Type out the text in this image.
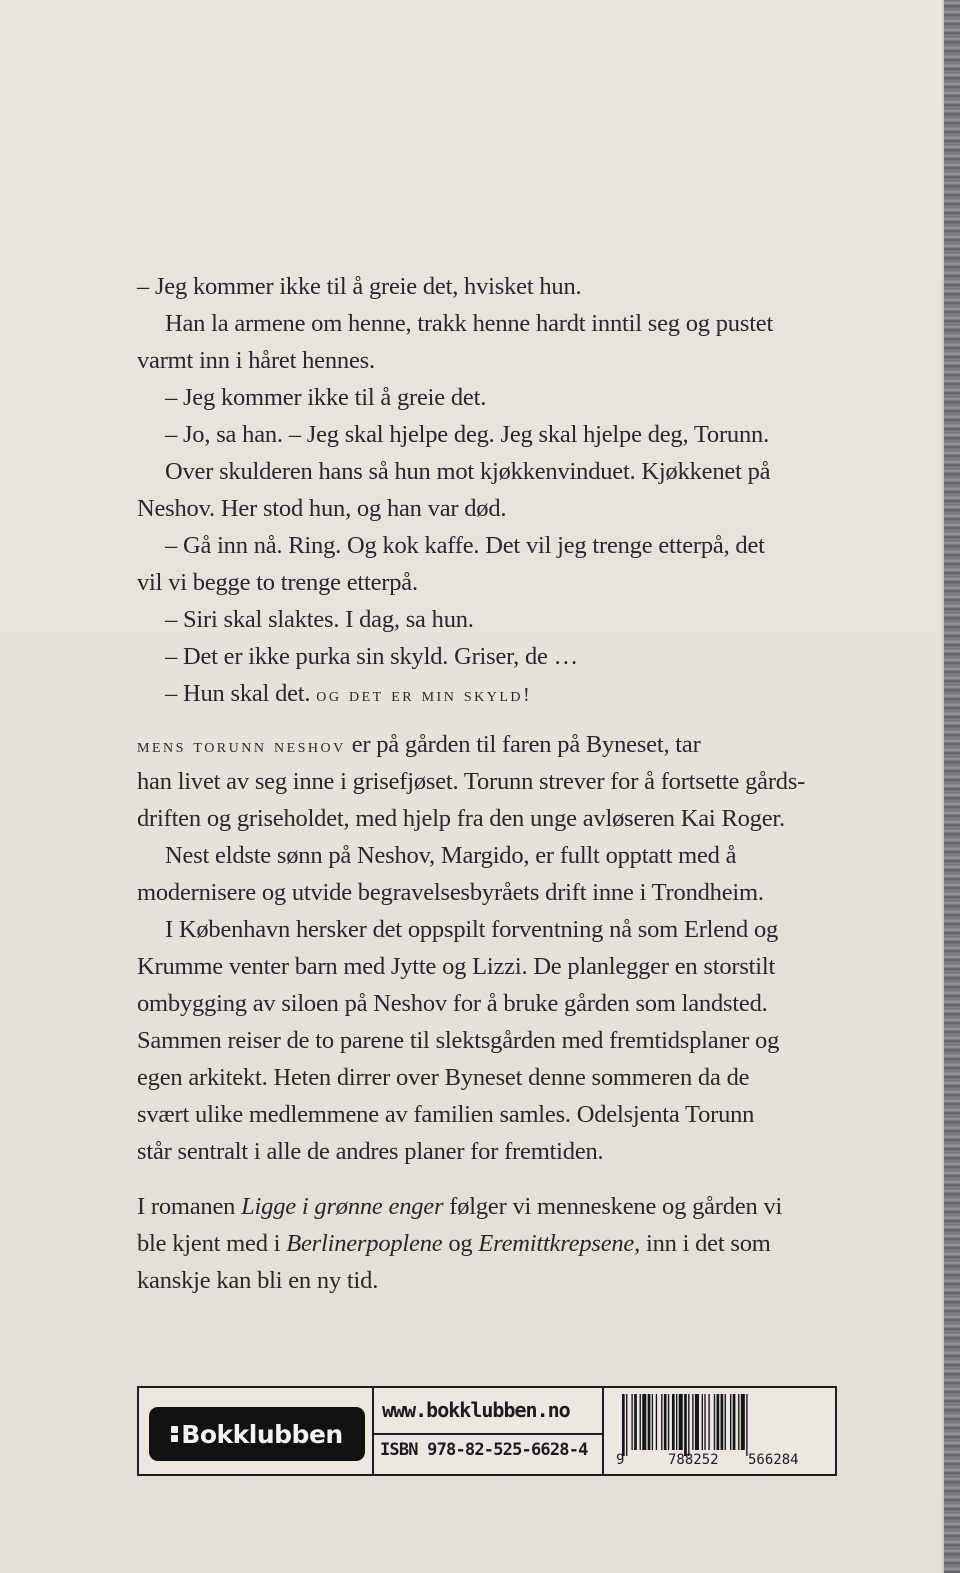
– Jeg kommer ikke til å greie det, hvisket hun.
Han la armene om henne, trakk henne hardt inntil seg og pustet
varmt inn i håret hennes.
– Jeg kommer ikke til å greie det.
– Jo, sa han. – Jeg skal hjelpe deg. Jeg skal hjelpe deg, Torunn.
Over skulderen hans så hun mot kjøkkenvinduet. Kjøkkenet på
Neshov. Her stod hun, og han var død.
– Gå inn nå. Ring. Og kok kaffe. Det vil jeg trenge etterpå, det
vil vi begge to trenge etterpå.
– Siri skal slaktes. I dag, sa hun.
– Det er ikke purka sin skyld. Griser, de …
– Hun skal det. og det er min skyld!
mens torunn neshov er på gården til faren på Byneset, tar
han livet av seg inne i grisefjøset. Torunn strever for å fortsette gårds-
driften og griseholdet, med hjelp fra den unge avløseren Kai Roger.
Nest eldste sønn på Neshov, Margido, er fullt opptatt med å
modernisere og utvide begravelsesbyråets drift inne i Trondheim.
I København hersker det oppspilt forventning nå som Erlend og
Krumme venter barn med Jytte og Lizzi. De planlegger en storstilt
ombygging av siloen på Neshov for å bruke gården som landsted.
Sammen reiser de to parene til slektsgården med fremtidsplaner og
egen arkitekt. Heten dirrer over Byneset denne sommeren da de
svært ulike medlemmene av familien samles. Odelsjenta Torunn
står sentralt i alle de andres planer for fremtiden.
I romanen Ligge i grønne enger følger vi menneskene og gården vi
ble kjent med i Berlinerpoplene og Eremittkrepsene, inn i det som
kanskje kan bli en ny tid.
Bokklubben
www.bokklubben.no
ISBN 978-82-525-6628-4 9	788252 566284
